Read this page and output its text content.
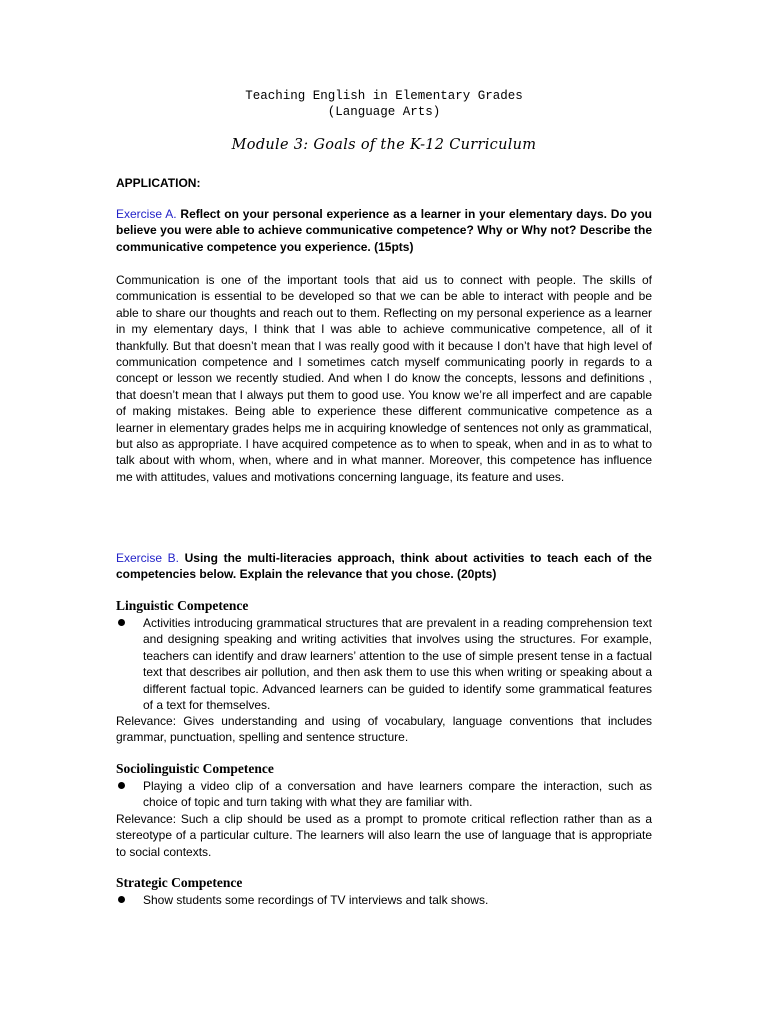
Teaching English in Elementary Grades
(Language Arts)
Module 3: Goals of the K-12 Curriculum
APPLICATION:
Exercise A. Reflect on your personal experience as a learner in your elementary days. Do you believe you were able to achieve communicative competence? Why or Why not? Describe the communicative competence you experience. (15pts)
Communication is one of the important tools that aid us to connect with people. The skills of communication is essential to be developed so that we can be able to interact with people and be able to share our thoughts and reach out to them. Reflecting on my personal experience as a learner in my elementary days, I think that I was able to achieve communicative competence, all of it thankfully. But that doesn’t mean that I was really good with it because I don’t have that high level of communication competence and I sometimes catch myself communicating poorly in regards to a concept or lesson we recently studied. And when I do know the concepts, lessons and definitions , that doesn’t mean that I always put them to good use. You know we’re all imperfect and are capable of making mistakes. Being able to experience these different communicative competence as a learner in elementary grades helps me in acquiring knowledge of sentences not only as grammatical, but also as appropriate. I have acquired competence as to when to speak, when and in as to what to talk about with whom, when, where and in what manner. Moreover, this competence has influence me with attitudes, values and motivations concerning language, its feature and uses.
Exercise B. Using the multi-literacies approach, think about activities to teach each of the competencies below. Explain the relevance that you chose. (20pts)
Linguistic Competence
Activities introducing grammatical structures that are prevalent in a reading comprehension text and designing speaking and writing activities that involves using the structures. For example, teachers can identify and draw learners’ attention to the use of simple present tense in a factual text that describes air pollution, and then ask them to use this when writing or speaking about a different factual topic. Advanced learners can be guided to identify some grammatical features of a text for themselves.
Relevance: Gives understanding and using of vocabulary, language conventions that includes grammar, punctuation, spelling and sentence structure.
Sociolinguistic Competence
Playing a video clip of a conversation and have learners compare the interaction, such as choice of topic and turn taking with what they are familiar with.
Relevance: Such a clip should be used as a prompt to promote critical reflection rather than as a stereotype of a particular culture. The learners will also learn the use of language that is appropriate to social contexts.
Strategic Competence
Show students some recordings of TV interviews and talk shows.
